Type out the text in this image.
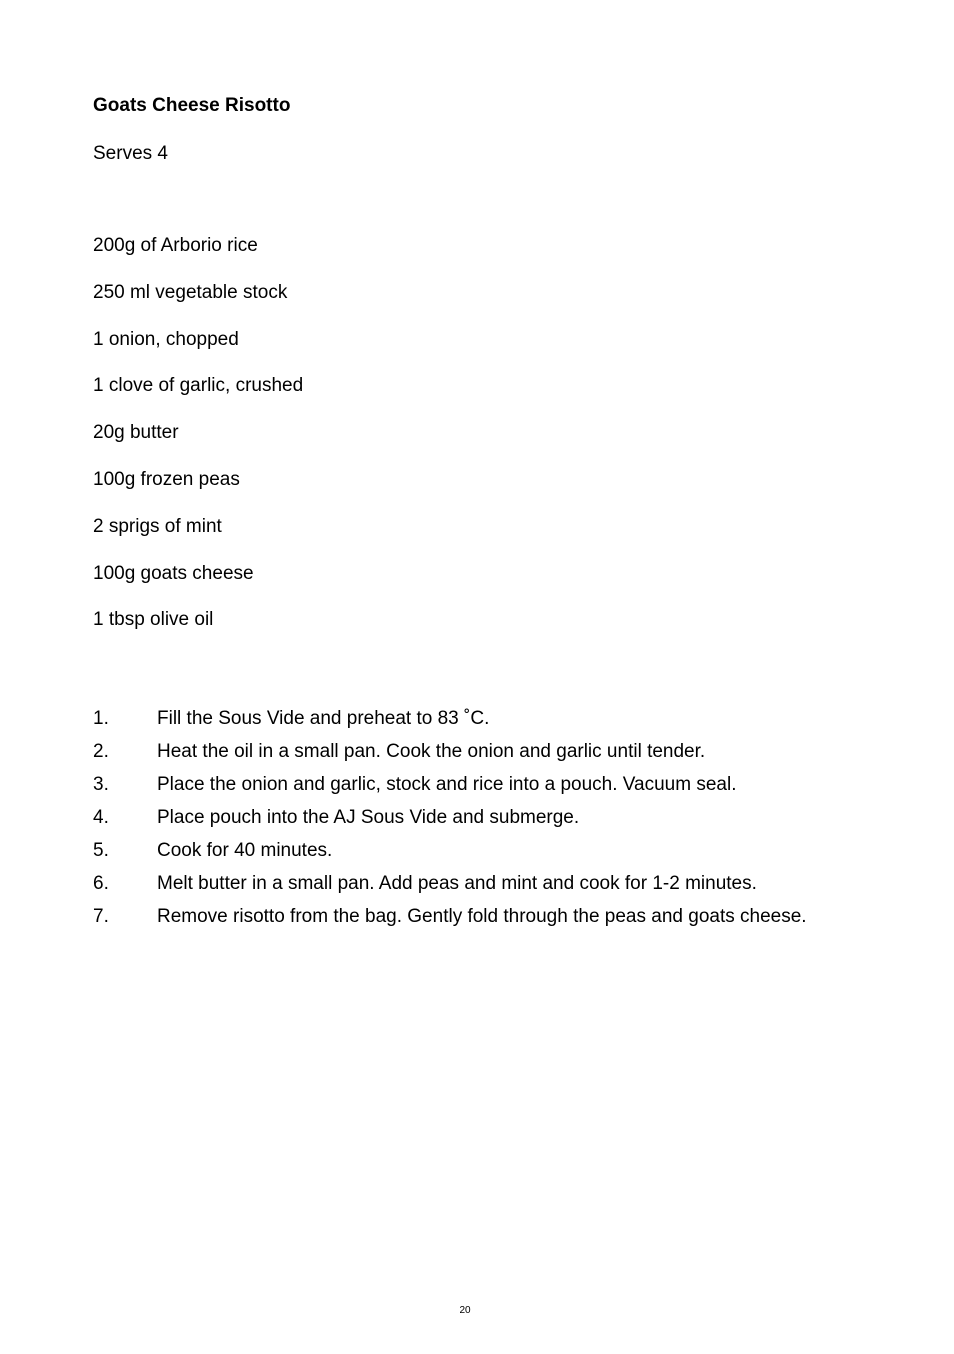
Goats Cheese Risotto
Serves 4
200g of Arborio rice
250 ml vegetable stock
1 onion, chopped
1 clove of garlic, crushed
20g butter
100g frozen peas
2 sprigs of mint
100g goats cheese
1 tbsp olive oil
1.	Fill the Sous Vide and preheat to 83 ˚C.
2.	Heat the oil in a small pan. Cook the onion and garlic until tender.
3.	Place the onion and garlic, stock and rice into a pouch. Vacuum seal.
4.	Place pouch into the AJ Sous Vide and submerge.
5.	Cook for 40 minutes.
6.	Melt butter in a small pan. Add peas and mint and cook for 1-2 minutes.
7.	Remove risotto from the bag. Gently fold through the peas and goats cheese.
20
